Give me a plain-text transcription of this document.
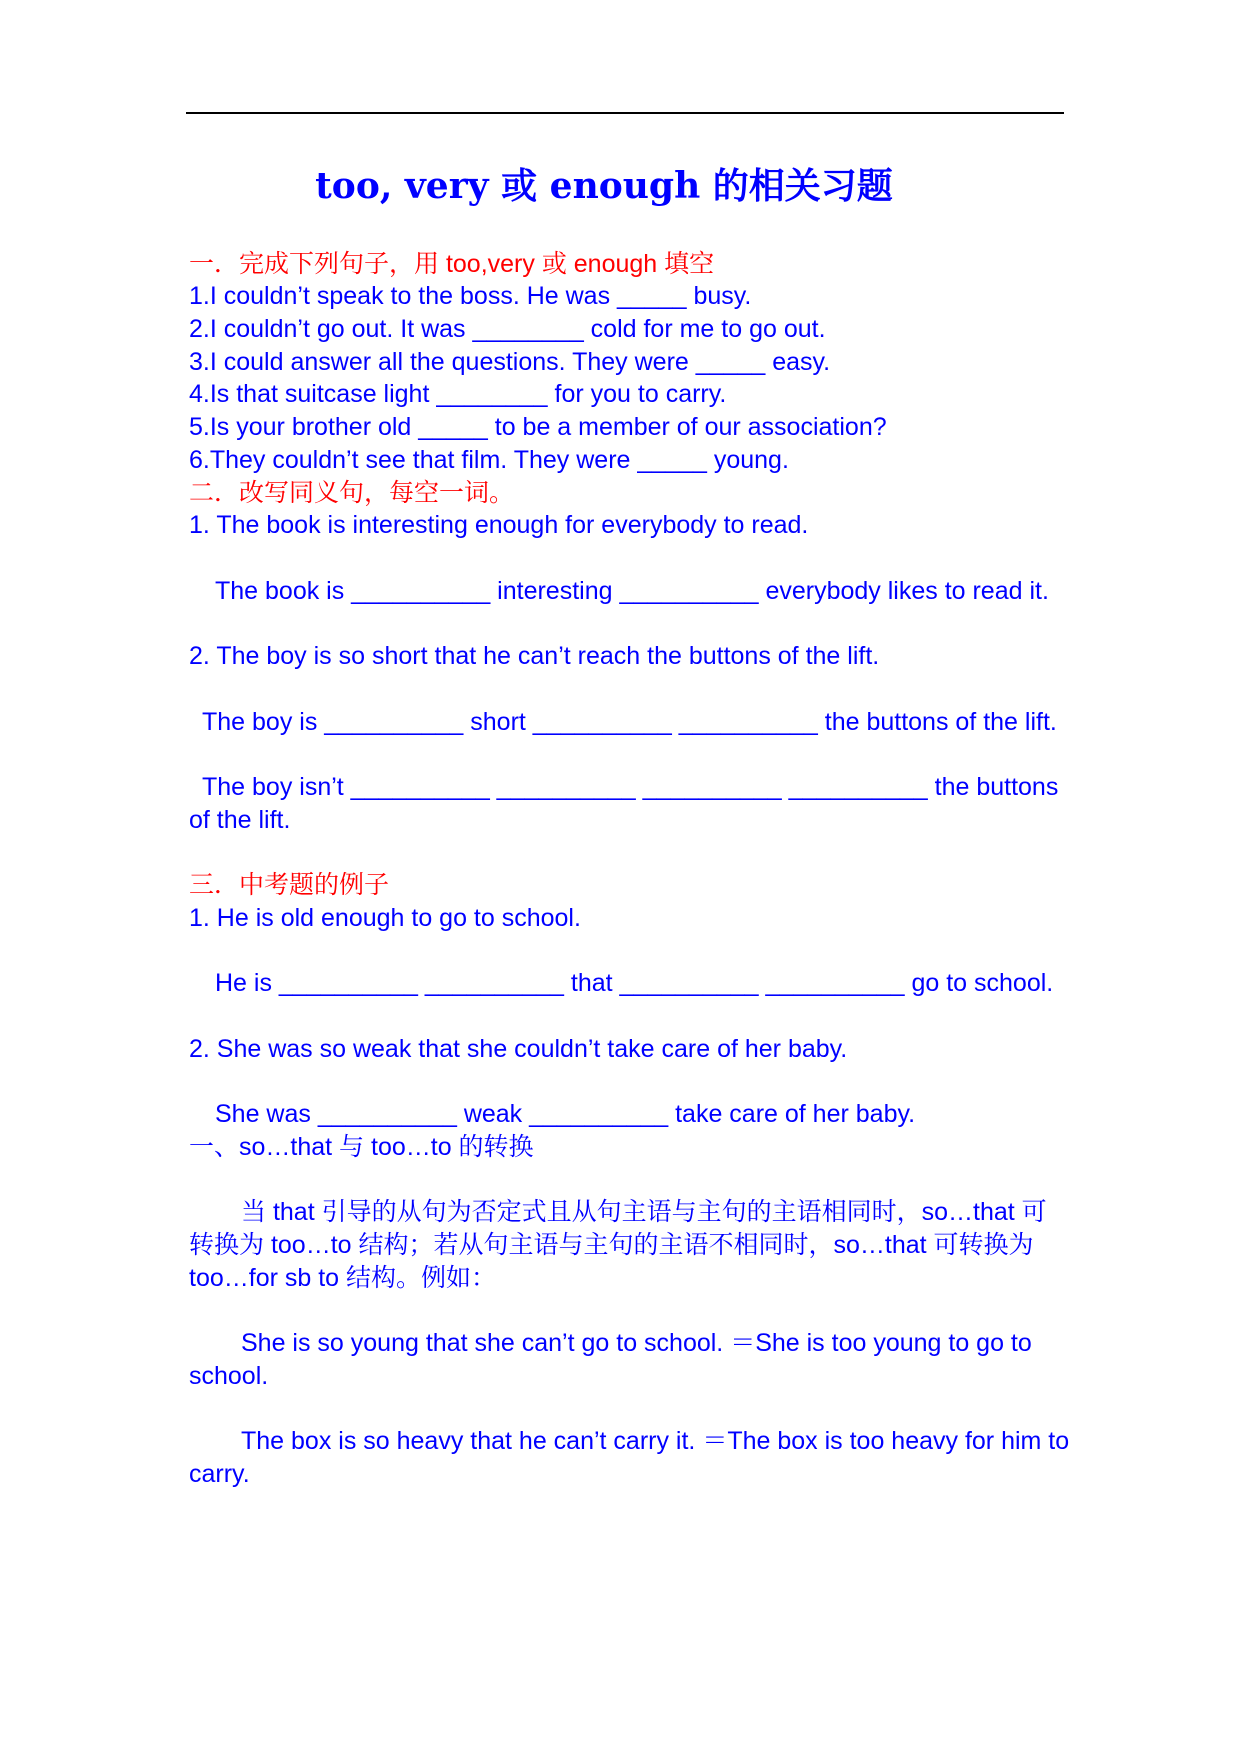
too, very 或 enough 的相关习题
一．完成下列句子，用 too,very 或 enough 填空
1.I couldn’t speak to the boss. He was _____ busy.
2.I couldn’t go out. It was ________ cold for me to go out.
3.I could answer all the questions. They were _____ easy.
4.Is that suitcase light ________ for you to carry.
5.Is your brother old _____ to be a member of our association?
6.They couldn’t see that film. They were _____ young.
二．改写同义句，每空一词。
1. The book is interesting enough for everybody to read.
The book is __________ interesting __________ everybody likes to read it.
2. The boy is so short that he can’t reach the buttons of the lift.
The boy is __________ short __________ __________ the buttons of the lift.
The boy isn’t __________ __________ __________ __________ the buttons
of the lift.
三．中考题的例子
1. He is old enough to go to school.
He is __________ __________ that __________ __________ go to school.
2. She was so weak that she couldn’t take care of her baby.
She was __________ weak __________ take care of her baby.
一、so…that 与 too…to 的转换
当 that 引导的从句为否定式且从句主语与主句的主语相同时，so…that 可
转换为 too…to 结构；若从句主语与主句的主语不相同时，so…that 可转换为
too…for sb to 结构。例如：
She is so young that she can’t go to school. ＝She is too young to go to
school.
The box is so heavy that he can’t carry it. ＝The box is too heavy for him to
carry.
